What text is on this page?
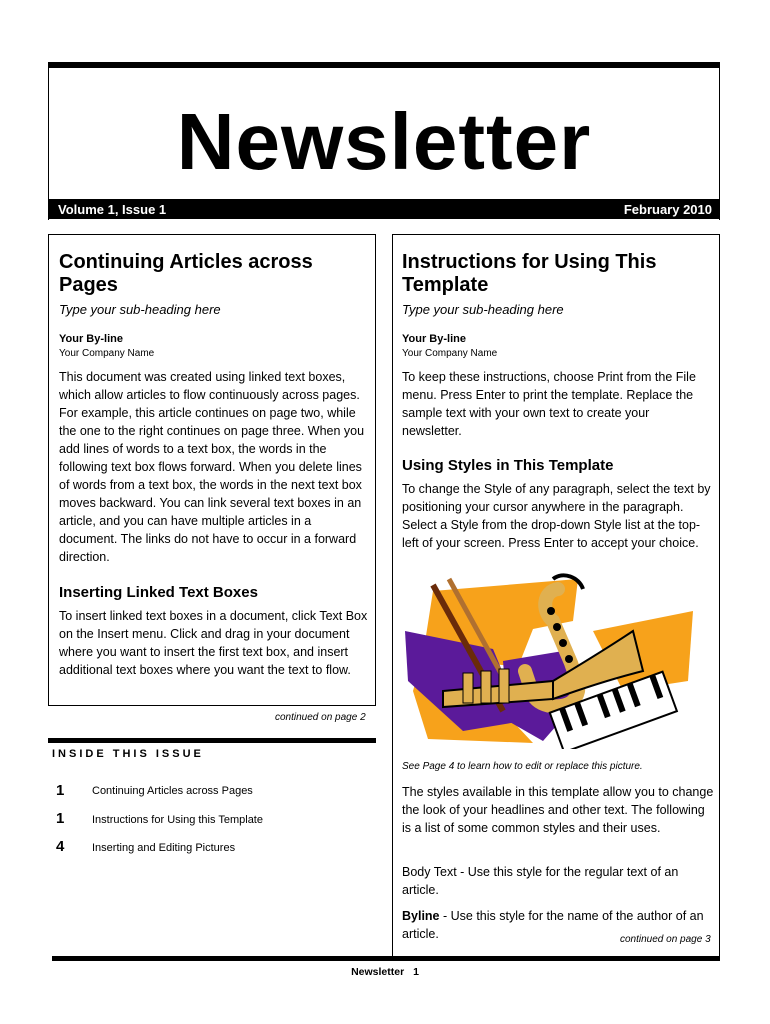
Newsletter
Volume 1, Issue 1	February 2010
Continuing Articles across
Pages
Type your sub-heading here
Your By-line
Your Company Name

This document was created using linked text boxes, which allow articles to flow continuously across pages. For example, this article continues on page two, while the one to the right continues on page three. When you add lines of words to a text box, the words in the following text box flows forward. When you delete lines of words from a text box, the words in the next text box moves backward. You can link several text boxes in an article, and you can have multiple articles in a document. The links do not have to occur in a forward direction.

Inserting Linked Text Boxes

To insert linked text boxes in a document, click Text Box on the Insert menu. Click and drag in your document where you want to insert the first text box, and insert additional text boxes where you want the text to flow.

continued on page 2
INSIDE THIS ISSUE
1	Continuing Articles across Pages
1	Instructions for Using this Template
4	Inserting and Editing Pictures
Instructions for Using This
Template
Type your sub-heading here
Your By-line
Your Company Name

To keep these instructions, choose Print from the File menu. Press Enter to print the template. Replace the sample text with your own text to create your newsletter.

Using Styles in This Template

To change the Style of any paragraph, select the text by positioning your cursor anywhere in the paragraph. Select a Style from the drop-down Style list at the top-left of your screen. Press Enter to accept your choice.

See Page 4 to learn how to edit or replace this picture.

The styles available in this template allow you to change the look of your headlines and other text. The following is a list of some common styles and their uses.

Body Text - Use this style for the regular text of an article.

Byline - Use this style for the name of the author of an article.	continued on page 3
Newsletter 1
